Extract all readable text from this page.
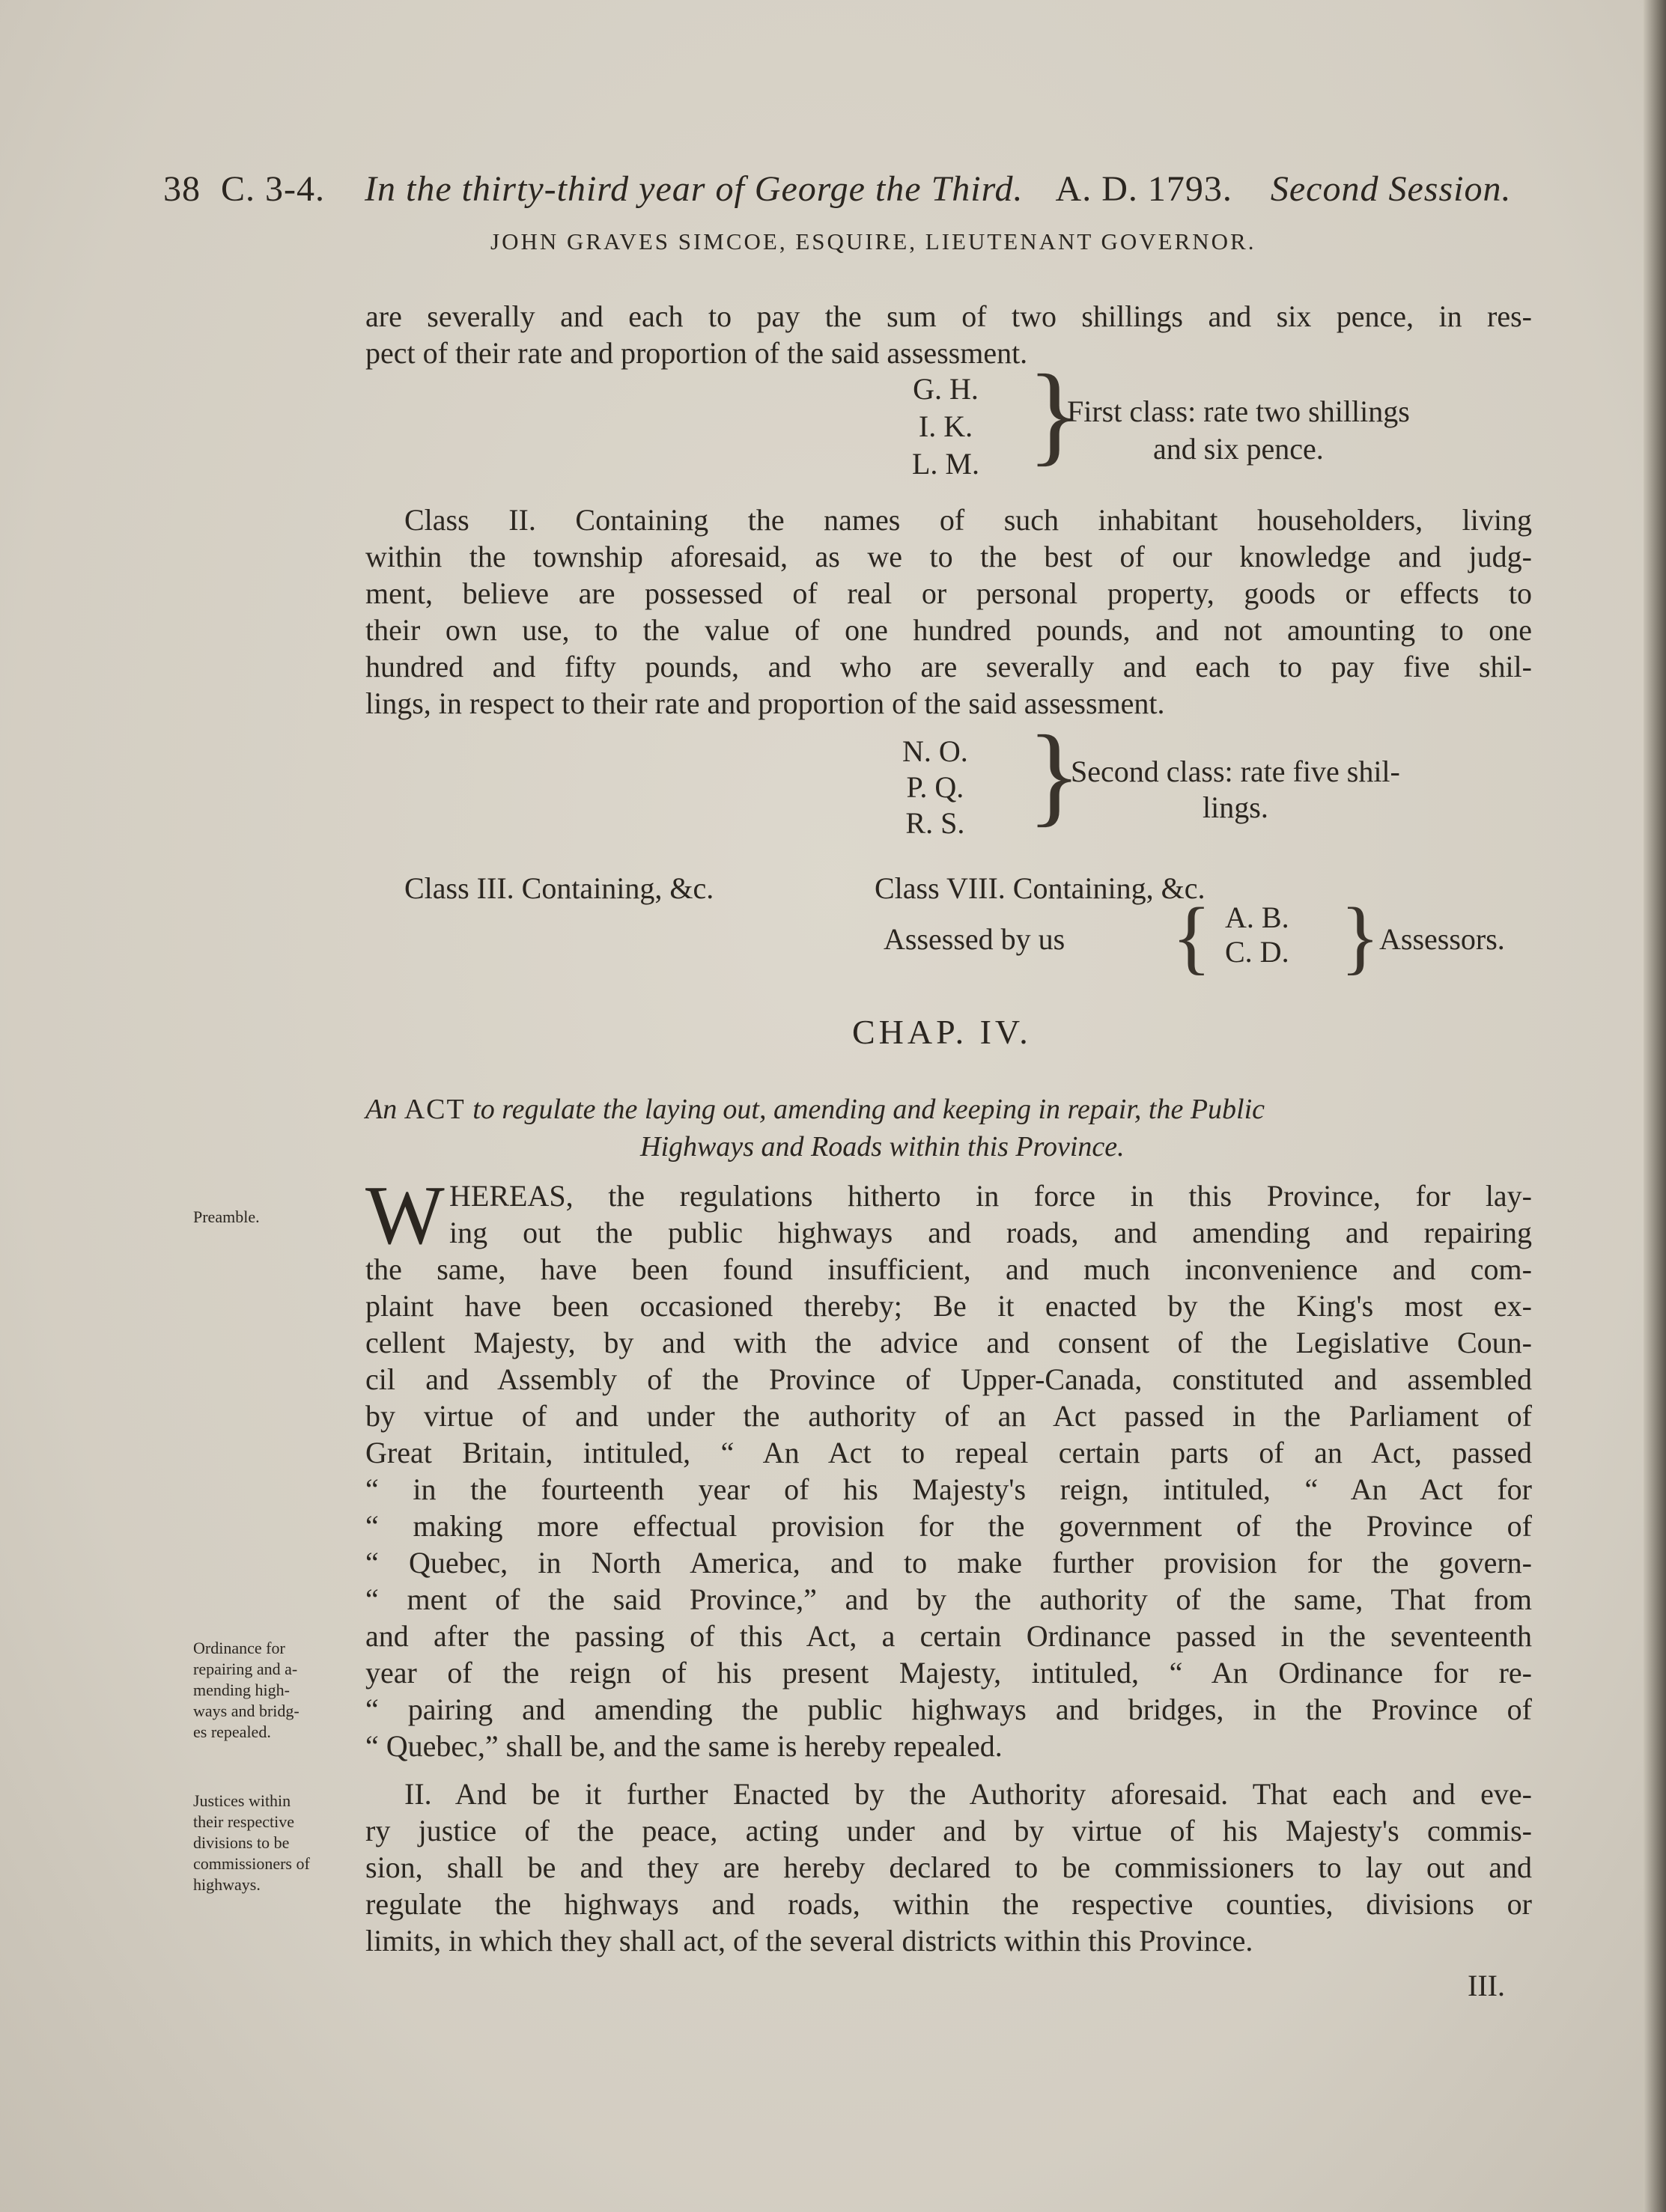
38 C. 3-4. In the thirty-third year of George the Third. A. D. 1793. Second Session.
JOHN GRAVES SIMCOE, ESQUIRE, LIEUTENANT GOVERNOR.
are severally and each to pay the sum of two shillings and six pence, in res-
pect of their rate and proportion of the said assessment.
G. H.
I. K.
L. M. }
First class: rate two shillings
and six pence.
Class II. Containing the names of such inhabitant householders, living
within the township aforesaid, as we to the best of our knowledge and judg-
ment, believe are possessed of real or personal property, goods or effects to
their own use, to the value of one hundred pounds, and not amounting to one
hundred and fifty pounds, and who are severally and each to pay five shil-
lings, in respect to their rate and proportion of the said assessment.
N. O.
P. Q.
R. S. }
Second class: rate five shil-
lings.
Class III. Containing, &c.	Class VIII. Containing, &c.
Assessed by us { A. B.
C. D. } Assessors.
CHAP. IV.
An ACT to regulate the laying out, amending and keeping in repair, the Public
Highways and Roads within this Province.
W HEREAS, the regulations hitherto in force in this Province, for lay-
ing out the public highways and roads, and amending and repairing
the same, have been found insufficient, and much inconvenience and com-
plaint have been occasioned thereby; Be it enacted by the King's most ex-
cellent Majesty, by and with the advice and consent of the Legislative Coun-
cil and Assembly of the Province of Upper-Canada, constituted and assembled
by virtue of and under the authority of an Act passed in the Parliament of
Great Britain, intituled, “ An Act to repeal certain parts of an Act, passed
“ in the fourteenth year of his Majesty's reign, intituled, “ An Act for
“ making more effectual provision for the government of the Province of
“ Quebec, in North America, and to make further provision for the govern-
“ ment of the said Province,” and by the authority of the same, That from
and after the passing of this Act, a certain Ordinance passed in the seventeenth
year of the reign of his present Majesty, intituled, “ An Ordinance for re-
“ pairing and amending the public highways and bridges, in the Province of
“ Quebec,” shall be, and the same is hereby repealed.
II. And be it further Enacted by the Authority aforesaid. That each and eve-
ry justice of the peace, acting under and by virtue of his Majesty's commis-
sion, shall be and they are hereby declared to be commissioners to lay out and
regulate the highways and roads, within the respective counties, divisions or
limits, in which they shall act, of the several districts within this Province.
III.
Preamble.
Ordinance for
repairing and a-
mending high-
ways and bridg-
es repealed.
Justices within
their respective
divisions to be
commissioners of
highways.
